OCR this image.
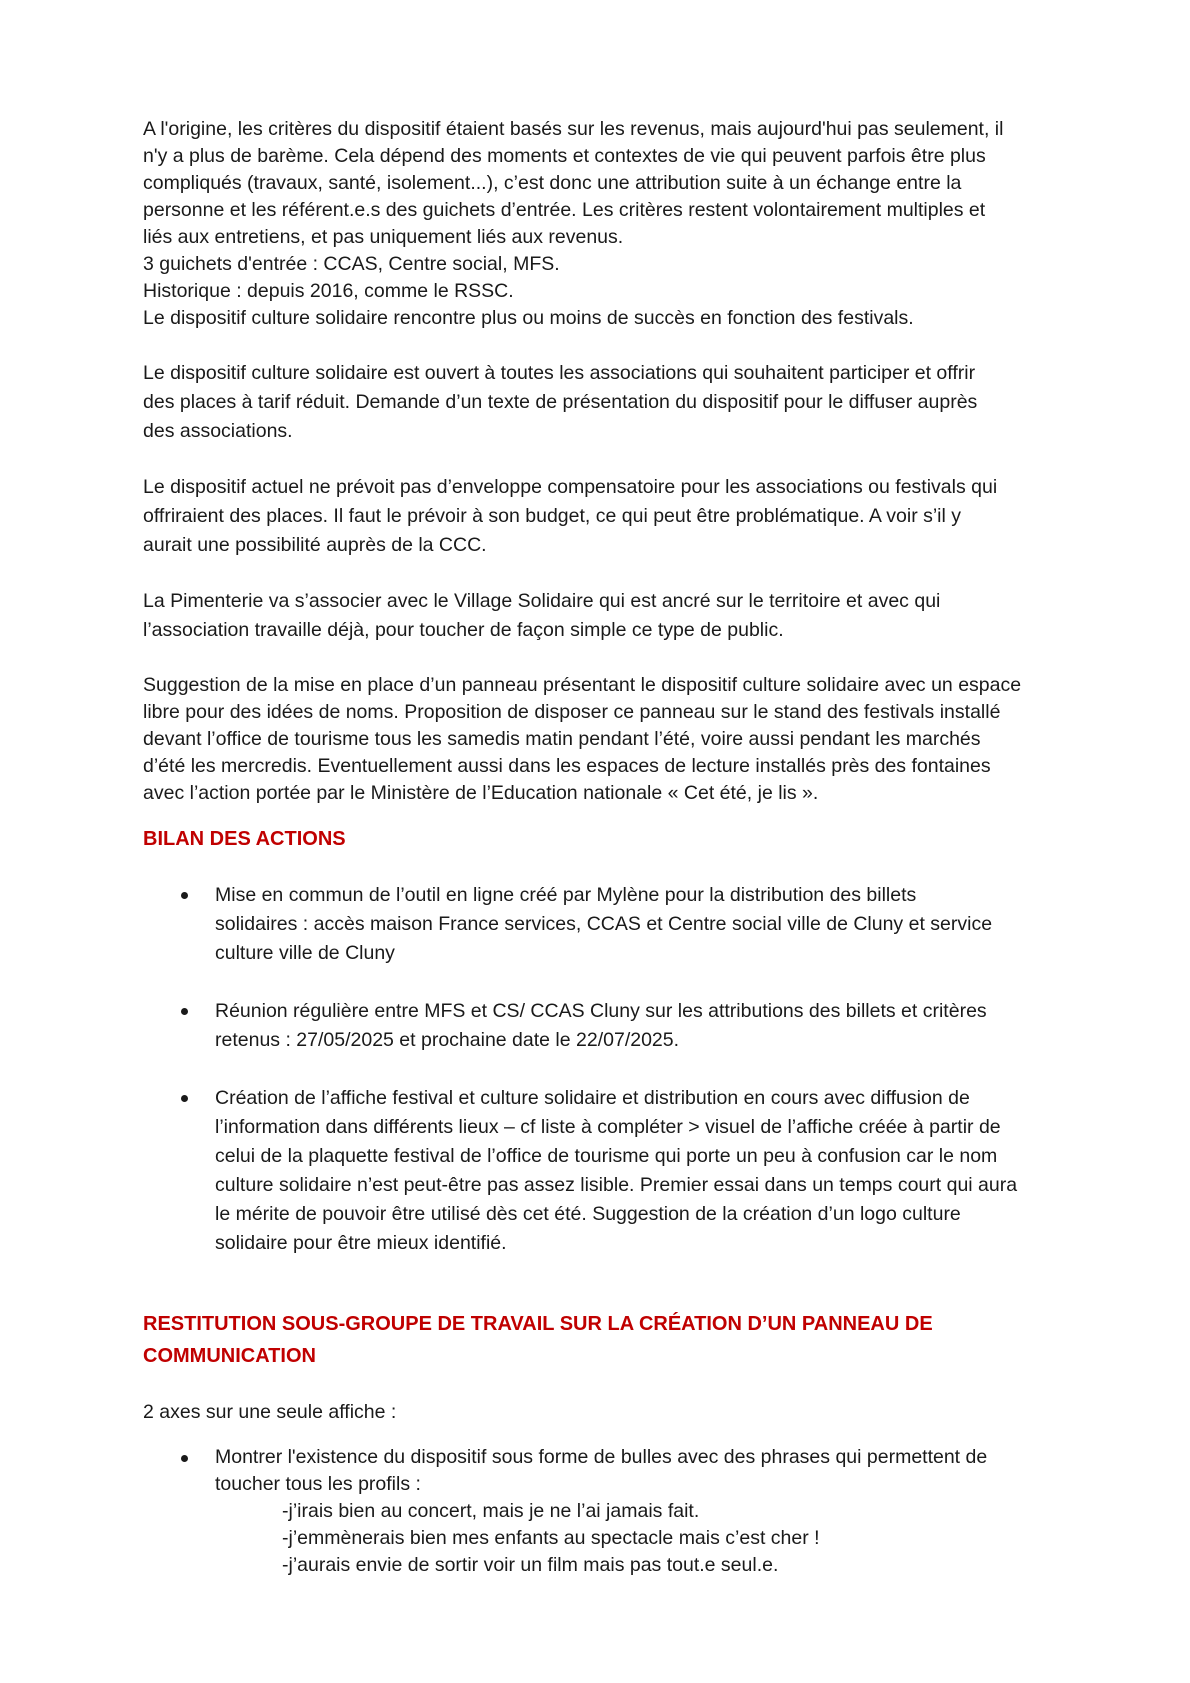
A l'origine, les critères du dispositif étaient basés sur les revenus, mais aujourd'hui pas seulement, il

n'y a plus de barème. Cela dépend des moments et contextes de vie qui peuvent parfois être plus

compliqués (travaux, santé, isolement...), c’est donc une attribution suite à un échange entre la

personne et les référent.e.s des guichets d’entrée. Les critères restent volontairement multiples et

liés aux entretiens, et pas uniquement liés aux revenus.

3 guichets d'entrée : CCAS, Centre social, MFS.

Historique : depuis 2016, comme le RSSC.

Le dispositif culture solidaire rencontre plus ou moins de succès en fonction des festivals.

Le dispositif culture solidaire est ouvert à toutes les associations qui souhaitent participer et offrir

des places à tarif réduit. Demande d’un texte de présentation du dispositif pour le diffuser auprès

des associations.

Le dispositif actuel ne prévoit pas d’enveloppe compensatoire pour les associations ou festivals qui

offriraient des places. Il faut le prévoir à son budget, ce qui peut être problématique. A voir s’il y

aurait une possibilité auprès de la CCC.

La Pimenterie va s’associer avec le Village Solidaire qui est ancré sur le territoire et avec qui

l’association travaille déjà, pour toucher de façon simple ce type de public.

Suggestion de la mise en place d’un panneau présentant le dispositif culture solidaire avec un espace

libre pour des idées de noms. Proposition de disposer ce panneau sur le stand des festivals installé

devant l’office de tourisme tous les samedis matin pendant l’été, voire aussi pendant les marchés

d’été les mercredis. Eventuellement aussi dans les espaces de lecture installés près des fontaines

avec l’action portée par le Ministère de l’Education nationale « Cet été, je lis ».

BILAN DES ACTIONS
Mise en commun de l’outil en ligne créé par Mylène pour la distribution des billets
solidaires : accès maison France services, CCAS et Centre social ville de Cluny et service
culture ville de Cluny
Réunion régulière entre MFS et CS/ CCAS Cluny sur les attributions des billets et critères
retenus : 27/05/2025 et prochaine date le 22/07/2025.
Création de l’affiche festival et culture solidaire et distribution en cours avec diffusion de
l’information dans différents lieux – cf liste à compléter > visuel de l’affiche créée à partir de
celui de la plaquette festival de l’office de tourisme qui porte un peu à confusion car le nom
culture solidaire n’est peut-être pas assez lisible. Premier essai dans un temps court qui aura
le mérite de pouvoir être utilisé dès cet été. Suggestion de la création d’un logo culture
solidaire pour être mieux identifié.
RESTITUTION SOUS-GROUPE DE TRAVAIL SUR LA CRÉATION D’UN PANNEAU DE
COMMUNICATION

2 axes sur une seule affiche :

Montrer l'existence du dispositif sous forme de bulles avec des phrases qui permettent de
toucher tous les profils :
-j’irais bien au concert, mais je ne l’ai jamais fait.
-j’emmènerais bien mes enfants au spectacle mais c’est cher !
-j’aurais envie de sortir voir un film mais pas tout.e seul.e.
